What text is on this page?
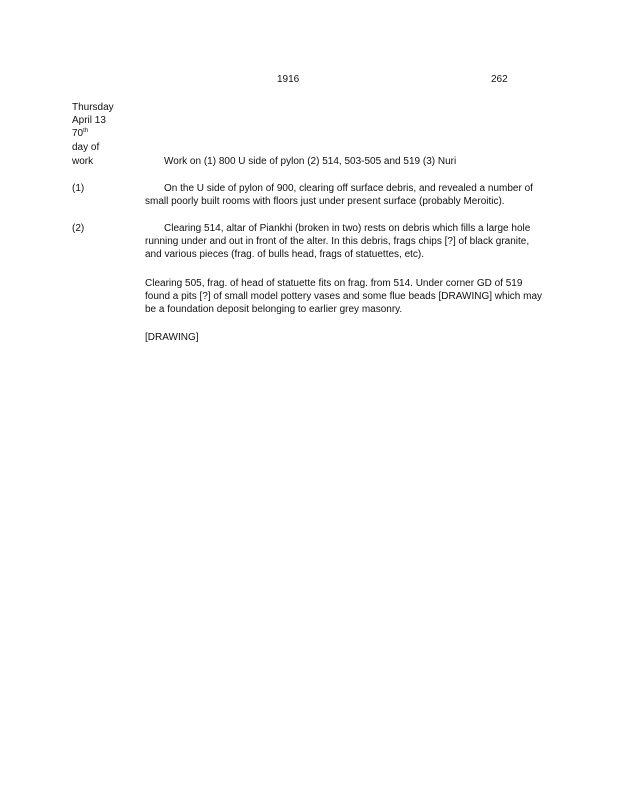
1916	262
Thursday
April 13
70th
day of
work	Work on (1) 800 U side of pylon (2) 514, 503-505 and 519 (3) Nuri
(1)	On the U side of pylon of 900, clearing off surface debris, and revealed a number of small poorly built rooms with floors just under present surface (probably Meroitic).
(2)	Clearing 514, altar of Piankhi (broken in two) rests on debris which fills a large hole running under and out in front of the alter. In this debris, frags chips [?] of black granite, and various pieces (frag. of bulls head, frags of statuettes, etc).
Clearing 505, frag. of head of statuette fits on frag. from 514. Under corner GD of 519 found a pits [?] of small model pottery vases and some flue beads [DRAWING] which may be a foundation deposit belonging to earlier grey masonry.
[DRAWING]
